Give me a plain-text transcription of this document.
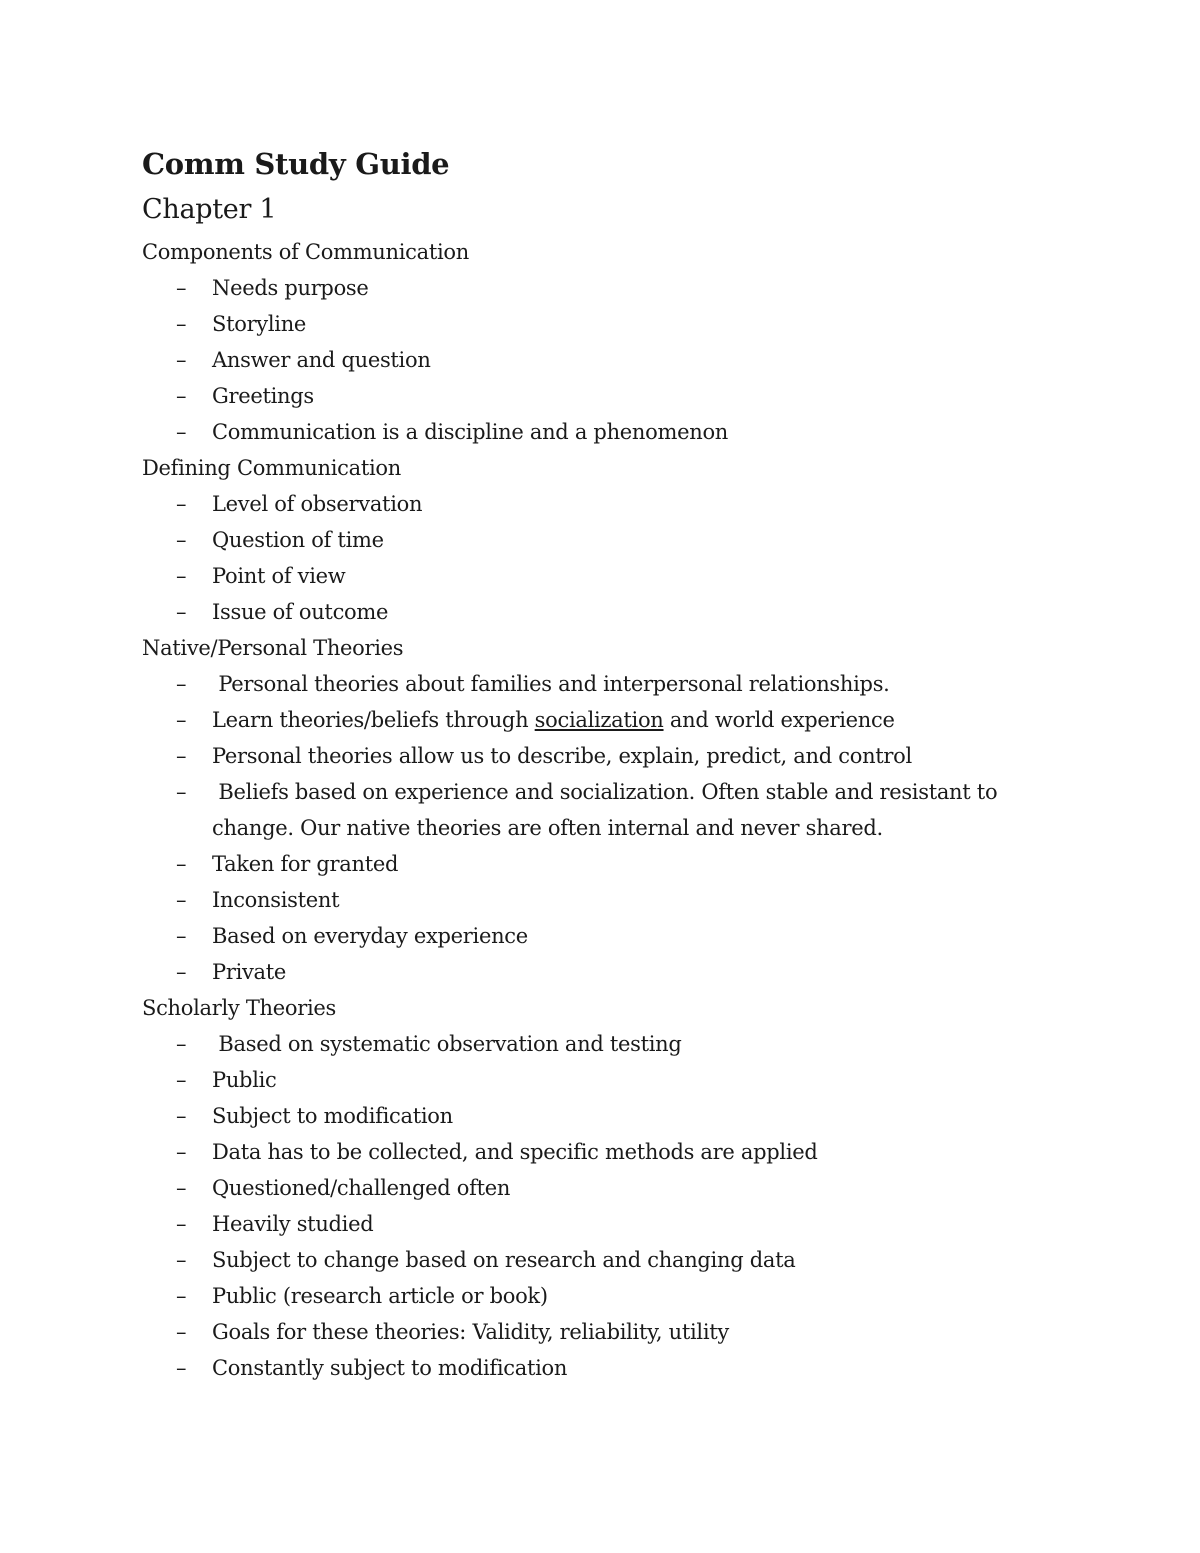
Comm Study Guide
Chapter 1

Components of Communication

– Needs purpose
– Storyline
– Answer and question
– Greetings
– Communication is a discipline and a phenomenon

Defining Communication

– Level of observation
– Question of time
– Point of view
– Issue of outcome

Native/Personal Theories

– Personal theories about families and interpersonal relationships.
– Learn theories/beliefs through socialization and world experience
– Personal theories allow us to describe, explain, predict, and control
– Beliefs based on experience and socialization. Often stable and resistant to change. Our native theories are often internal and never shared.
– Taken for granted
– Inconsistent
– Based on everyday experience
– Private

Scholarly Theories

– Based on systematic observation and testing
– Public
– Subject to modification
– Data has to be collected, and specific methods are applied
– Questioned/challenged often
– Heavily studied
– Subject to change based on research and changing data
– Public (research article or book)
– Goals for these theories: Validity, reliability, utility
– Constantly subject to modification
